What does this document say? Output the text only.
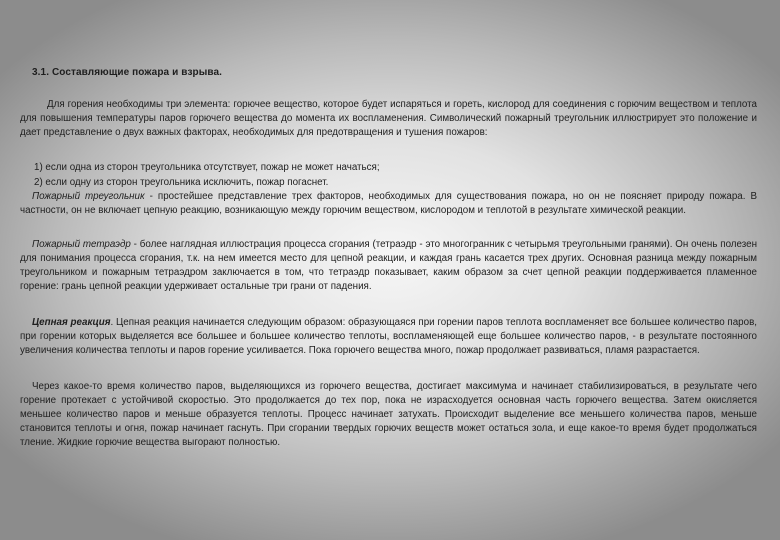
3.1. Составляющие пожара и взрыва.

Для горения необходимы три элемента: горючее вещество, которое будет испаряться и гореть, кислород для соединения с горючим веществом и теплота для повышения температуры паров горючего вещества до момента их воспламенения. Символический пожарный треугольник иллюстрирует это положение и дает представление о двух важных факторах, необходимых для предотвращения и тушения пожаров:

1) если одна из сторон треугольника отсутствует, пожар не может начаться;
2) если одну из сторон треугольника исключить, пожар погаснет.

Пожарный треугольник - простейшее представление трех факторов, необходимых для существования пожара, но он не поясняет природу пожара. В частности, он не включает цепную реакцию, возникающую между горючим веществом, кислородом и теплотой в результате химической реакции.

Пожарный тетраэдр - более наглядная иллюстрация процесса сгорания (тетраэдр - это многогранник с четырьмя треугольными гранями). Он очень полезен для понимания процесса сгорания, т.к. на нем имеется место для цепной реакции, и каждая грань касается трех других. Основная разница между пожарным треугольником и пожарным тетраэдром заключается в том, что тетраэдр показывает, каким образом за счет цепной реакции поддерживается пламенное горение: грань цепной реакции удерживает остальные три грани от падения.

Цепная реакция. Цепная реакция начинается следующим образом: образующаяся при горении паров теплота воспламеняет все большее количество паров, при горении которых выделяется все большее и большее количество теплоты, воспламеняющей еще большее количество паров, - в результате постоянного увеличения количества теплоты и паров горение усиливается. Пока горючего вещества много, пожар продолжает развиваться, пламя разрастается.

Через какое-то время количество паров, выделяющихся из горючего вещества, достигает максимума и начинает стабилизироваться, в результате чего горение протекает с устойчивой скоростью. Это продолжается до тех пор, пока не израсходуется основная часть горючего вещества. Затем окисляется меньшее количество паров и меньше образуется теплоты. Процесс начинает затухать. Происходит выделение все меньшего количества паров, меньше становится теплоты и огня, пожар начинает гаснуть. При сгорании твердых горючих веществ может остаться зола, и еще какое-то время будет продолжаться тление. Жидкие горючие вещества выгорают полностью.
